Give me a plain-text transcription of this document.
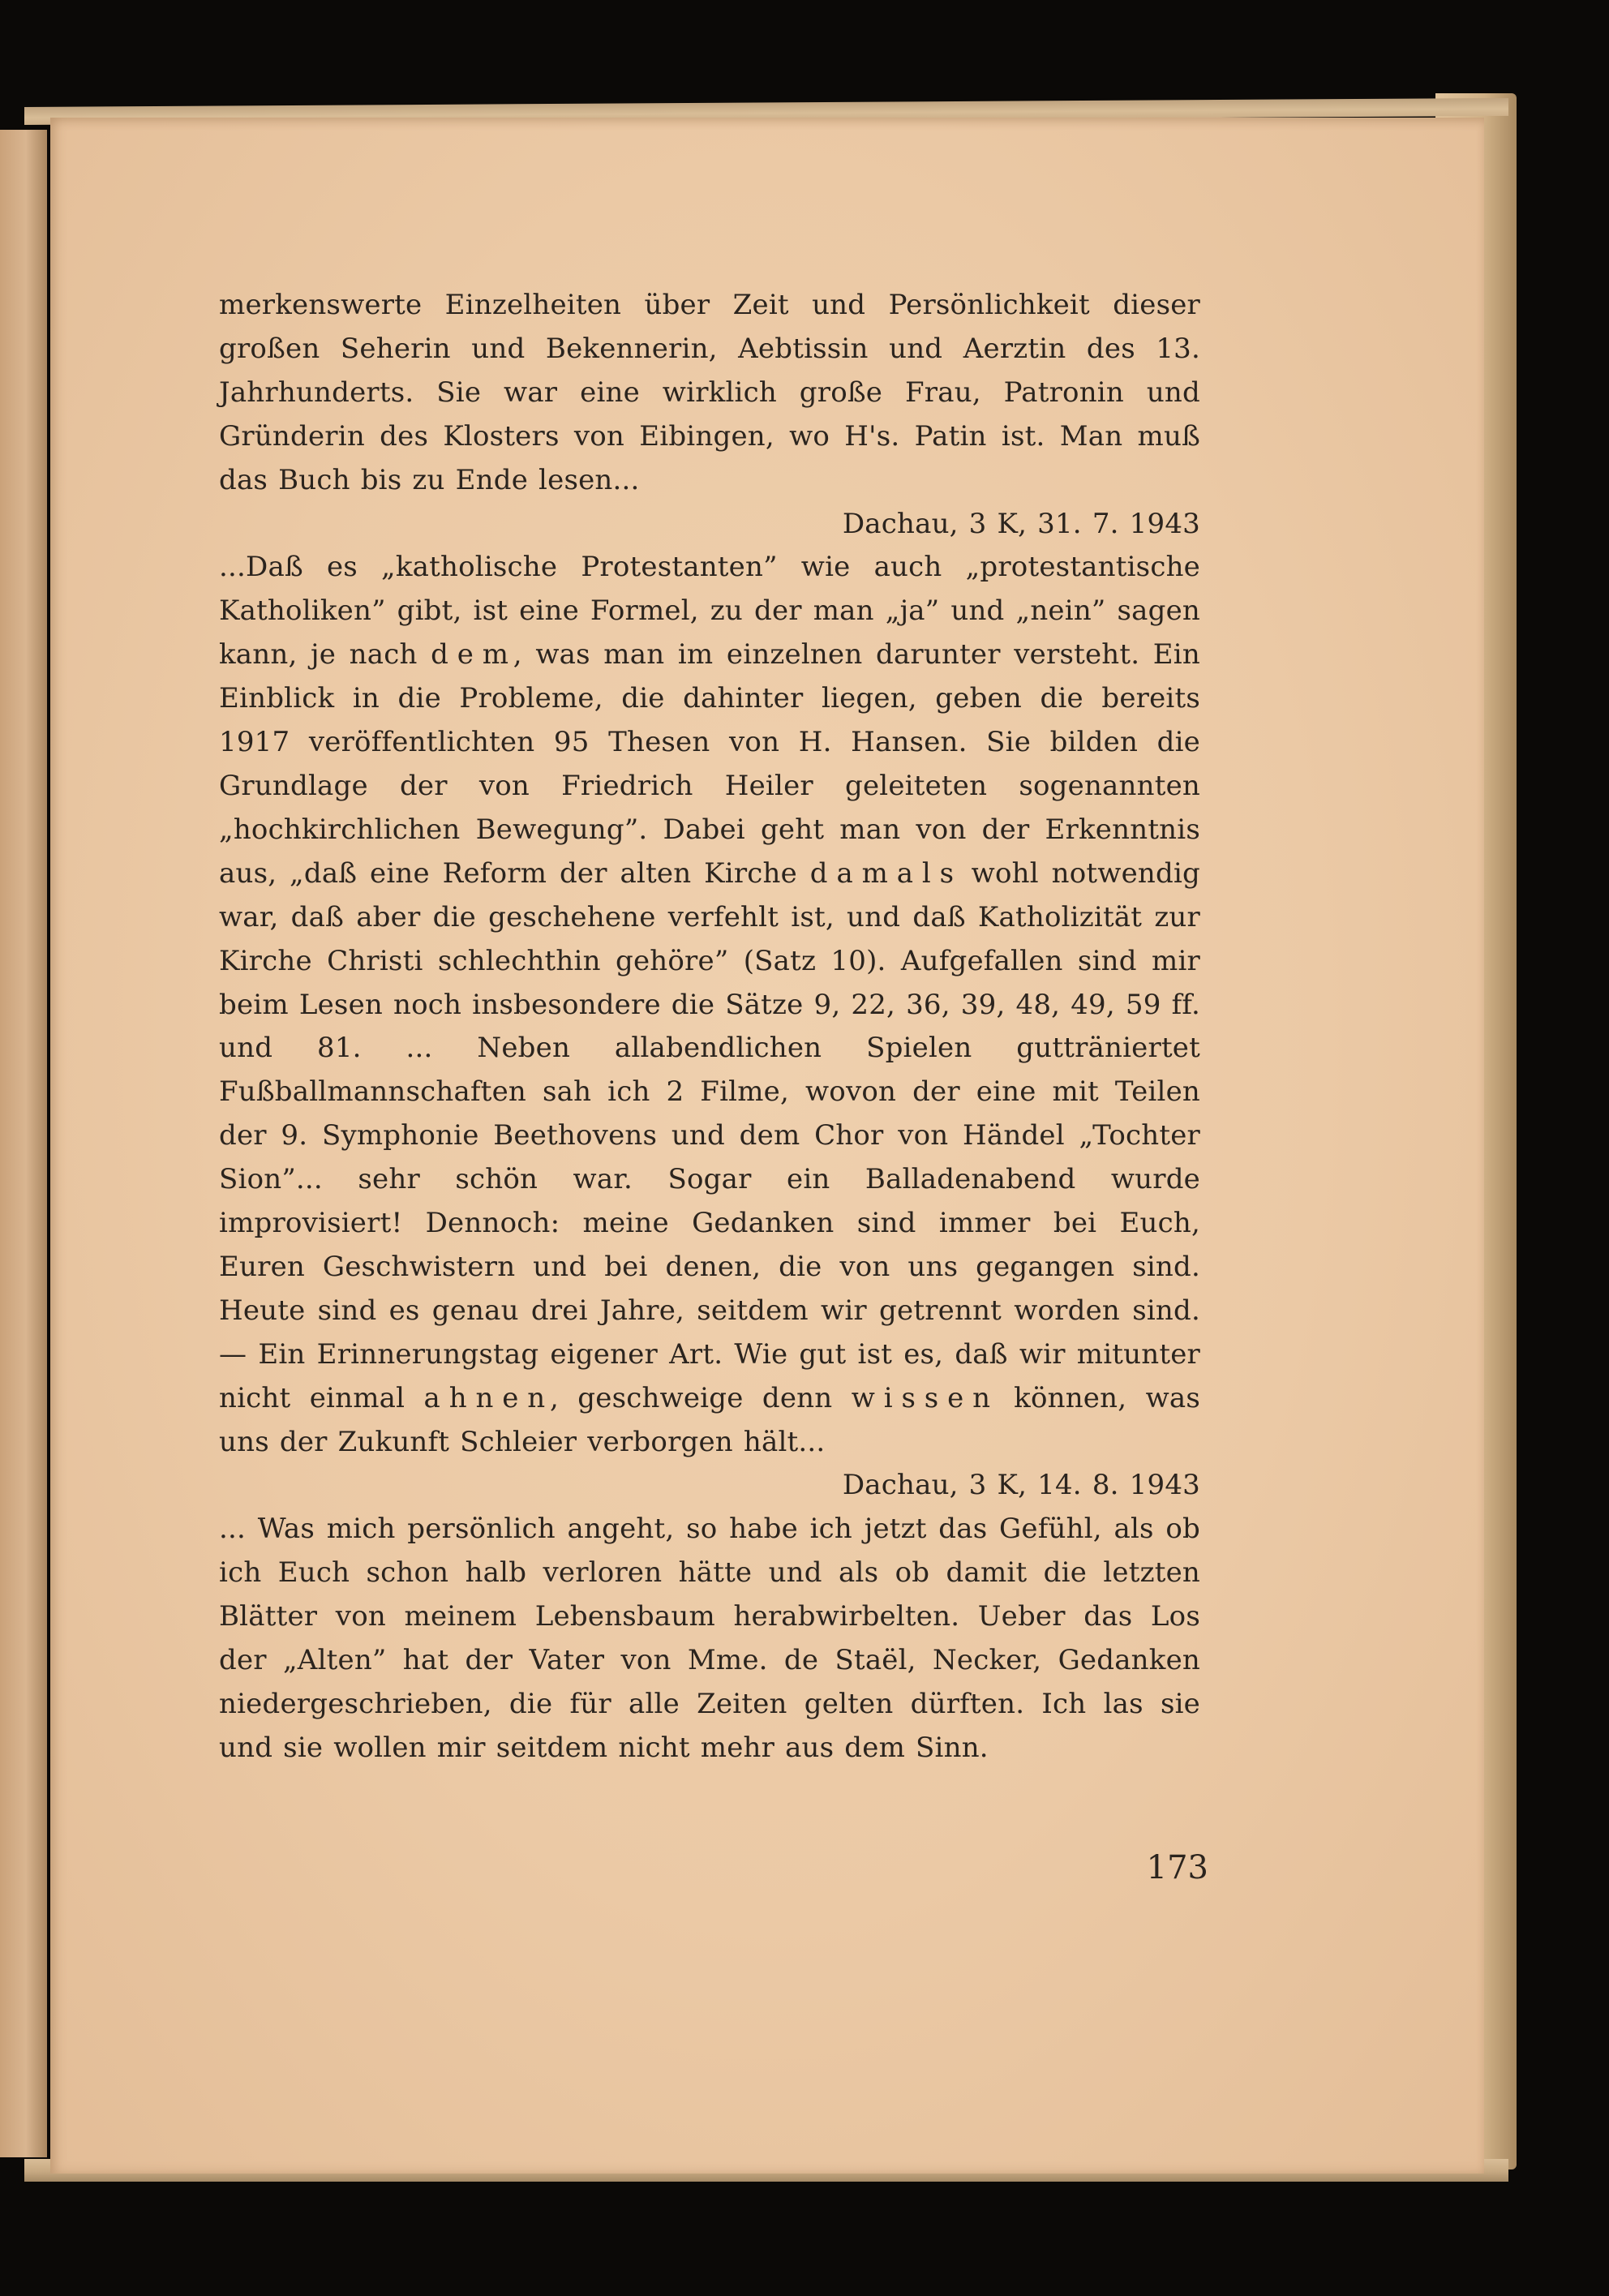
merkenswerte Einzelheiten über Zeit und Persönlichkeit dieser großen Seherin und Bekennerin, Aebtissin und Aerztin des 13. Jahrhunderts. Sie war eine wirklich große Frau, Patronin und Gründerin des Klosters von Eibingen, wo H's. Patin ist. Man muß das Buch bis zu Ende lesen...

Dachau, 3 K, 31. 7. 1943

...Daß es „katholische Protestanten” wie auch „protestantische Katholiken” gibt, ist eine Formel, zu der man „ja” und „nein” sagen kann, je nach dem, was man im einzelnen darunter versteht. Ein Einblick in die Probleme, die dahinter liegen, geben die bereits 1917 veröffentlichten 95 Thesen von H. Hansen. Sie bilden die Grundlage der von Friedrich Heiler geleiteten sogenannten „hochkirchlichen Bewegung”. Dabei geht man von der Erkenntnis aus, „daß eine Reform der alten Kirche damals wohl notwendig war, daß aber die geschehene verfehlt ist, und daß Katholizität zur Kirche Christi schlechthin gehöre” (Satz 10). Aufgefallen sind mir beim Lesen noch insbesondere die Sätze 9, 22, 36, 39, 48, 49, 59 ff. und 81. ... Neben allabendlichen Spielen gutträniertet Fußballmannschaften sah ich 2 Filme, wovon der eine mit Teilen der 9. Symphonie Beethovens und dem Chor von Händel „Tochter Sion”... sehr schön war. Sogar ein Balladenabend wurde improvisiert! Dennoch: meine Gedanken sind immer bei Euch, Euren Geschwistern und bei denen, die von uns gegangen sind. Heute sind es genau drei Jahre, seitdem wir getrennt worden sind. — Ein Erinnerungstag eigener Art. Wie gut ist es, daß wir mitunter nicht einmal ahnen, geschweige denn wissen können, was uns der Zukunft Schleier verborgen hält...

Dachau, 3 K, 14. 8. 1943

... Was mich persönlich angeht, so habe ich jetzt das Gefühl, als ob ich Euch schon halb verloren hätte und als ob damit die letzten Blätter von meinem Lebensbaum herabwirbelten. Ueber das Los der „Alten” hat der Vater von Mme. de Staël, Necker, Gedanken niedergeschrieben, die für alle Zeiten gelten dürften. Ich las sie und sie wollen mir seitdem nicht mehr aus dem Sinn.

173
